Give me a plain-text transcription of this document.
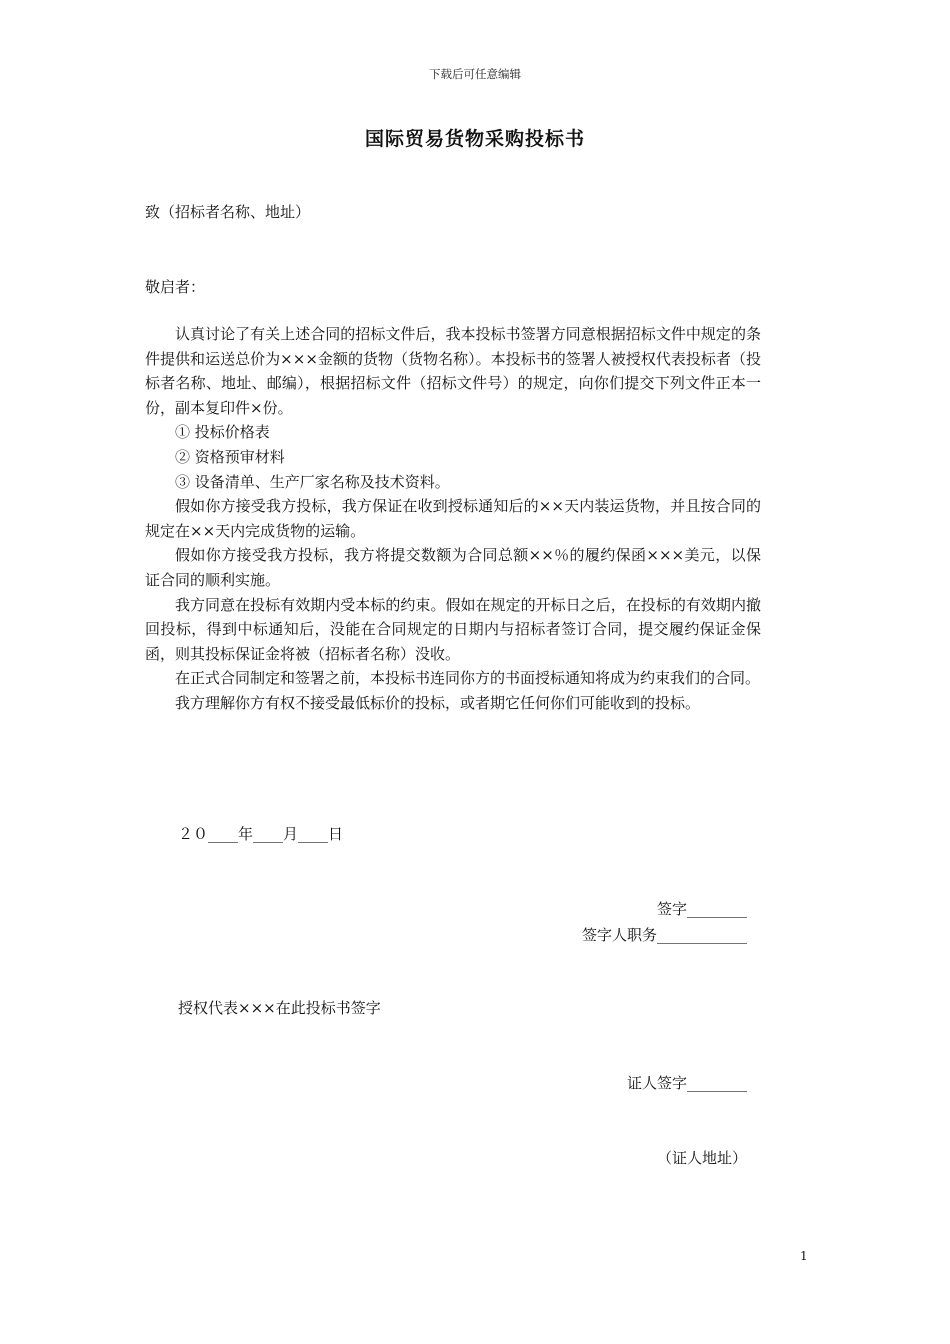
下载后可任意编辑
国际贸易货物采购投标书
致（招标者名称、地址）
敬启者：

认真讨论了有关上述合同的招标文件后，我本投标书签署方同意根据招标文件中规定的条件提供和运送总价为×××金额的货物（货物名称）。本投标书的签署人被授权代表投标者（投标者名称、地址、邮编），根据招标文件（招标文件号）的规定，向你们提交下列文件正本一份，副本复印件×份。

① 投标价格表

② 资格预审材料

③ 设备清单、生产厂家名称及技术资料。

假如你方接受我方投标，我方保证在收到授标通知后的××天内装运货物，并且按合同的规定在××天内完成货物的运输。

假如你方接受我方投标，我方将提交数额为合同总额××％的履约保函×××美元，以保证合同的顺利实施。

我方同意在投标有效期内受本标的约束。假如在规定的开标日之后，在投标的有效期内撤回投标，得到中标通知后，没能在合同规定的日期内与招标者签订合同，提交履约保证金保函，则其投标保证金将被（招标者名称）没收。

在正式合同制定和签署之前，本投标书连同你方的书面授标通知将成为约束我们的合同。

我方理解你方有权不接受最低标价的投标，或者期它任何你们可能收到的投标。

２０____年____月____日
签字________
签字人职务____________
授权代表×××在此投标书签字
证人签字________
（证人地址）
1
